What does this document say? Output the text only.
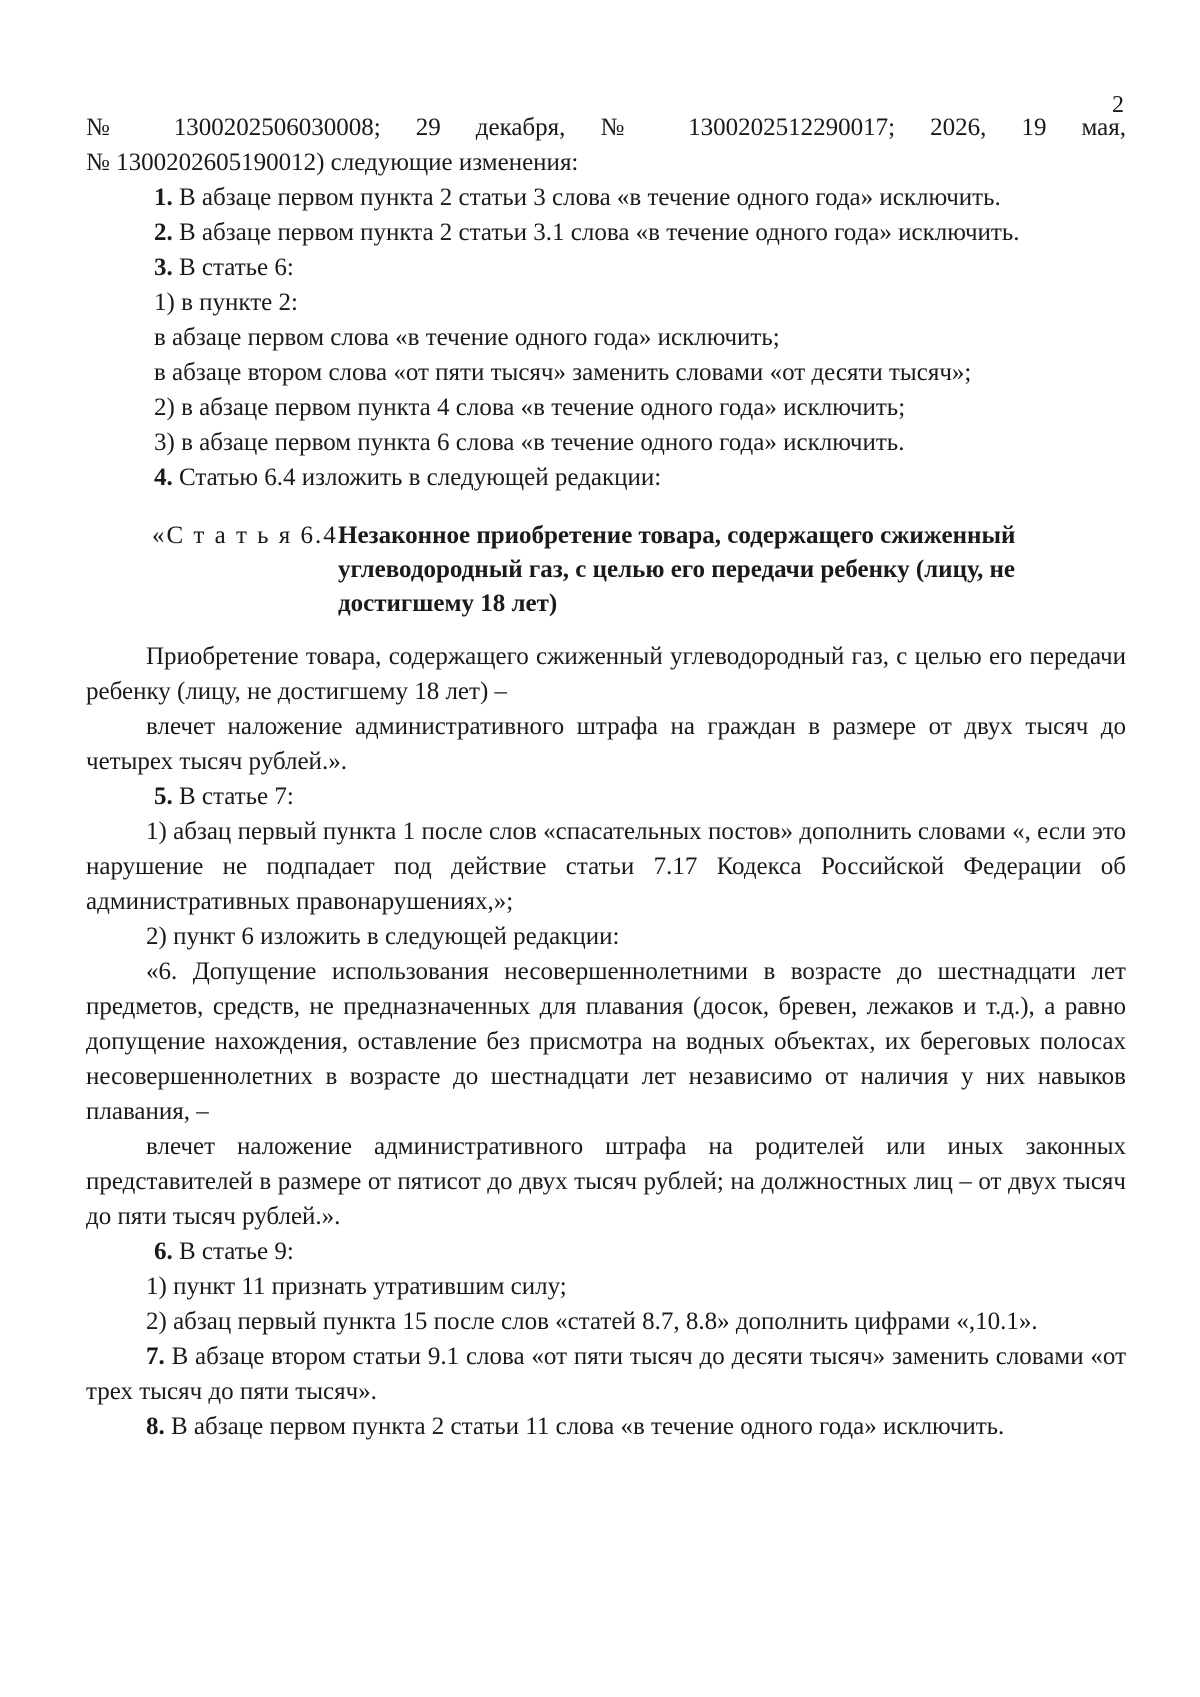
2

№ 1300202506030008; 29 декабря, № 1300202512290017; 2026, 19 мая,

№ 1300202605190012) следующие изменения:

1. В абзаце первом пункта 2 статьи 3 слова «в течение одного года» исключить.

2. В абзаце первом пункта 2 статьи 3.1 слова «в течение одного года» исключить.

3. В статье 6:

1) в пункте 2:

в абзаце первом слова «в течение одного года» исключить;

в абзаце втором слова «от пяти тысяч» заменить словами «от десяти тысяч»;

2) в абзаце первом пункта 4 слова «в течение одного года» исключить;

3) в абзаце первом пункта 6 слова «в течение одного года» исключить.

4. Статью 6.4 изложить в следующей редакции:

«С т а т ь я 6.4.
Незаконное приобретение товара, содержащего сжиженный углеводородный газ, с целью его передачи ребенку (лицу, не достигшему 18 лет)

Приобретение товара, содержащего сжиженный углеводородный газ, с целью его передачи ребенку (лицу, не достигшему 18 лет) –

влечет наложение административного штрафа на граждан в размере от двух тысяч до четырех тысяч рублей.».

5. В статье 7:

1) абзац первый пункта 1 после слов «спасательных постов» дополнить словами «, если это нарушение не подпадает под действие статьи 7.17 Кодекса Российской Федерации об административных правонарушениях,»;

2) пункт 6 изложить в следующей редакции:

«6. Допущение использования несовершеннолетними в возрасте до шестнадцати лет предметов, средств, не предназначенных для плавания (досок, бревен, лежаков и т.д.), а равно допущение нахождения, оставление без присмотра на водных объектах, их береговых полосах несовершеннолетних в возрасте до шестнадцати лет независимо от наличия у них навыков плавания, –

влечет наложение административного штрафа на родителей или иных законных представителей в размере от пятисот до двух тысяч рублей; на должностных лиц – от двух тысяч до пяти тысяч рублей.».

6. В статье 9:

1) пункт 11 признать утратившим силу;

2) абзац первый пункта 15 после слов «статей 8.7, 8.8» дополнить цифрами «,10.1».

7. В абзаце втором статьи 9.1 слова «от пяти тысяч до десяти тысяч» заменить словами «от трех тысяч до пяти тысяч».

8. В абзаце первом пункта 2 статьи 11 слова «в течение одного года» исключить.
